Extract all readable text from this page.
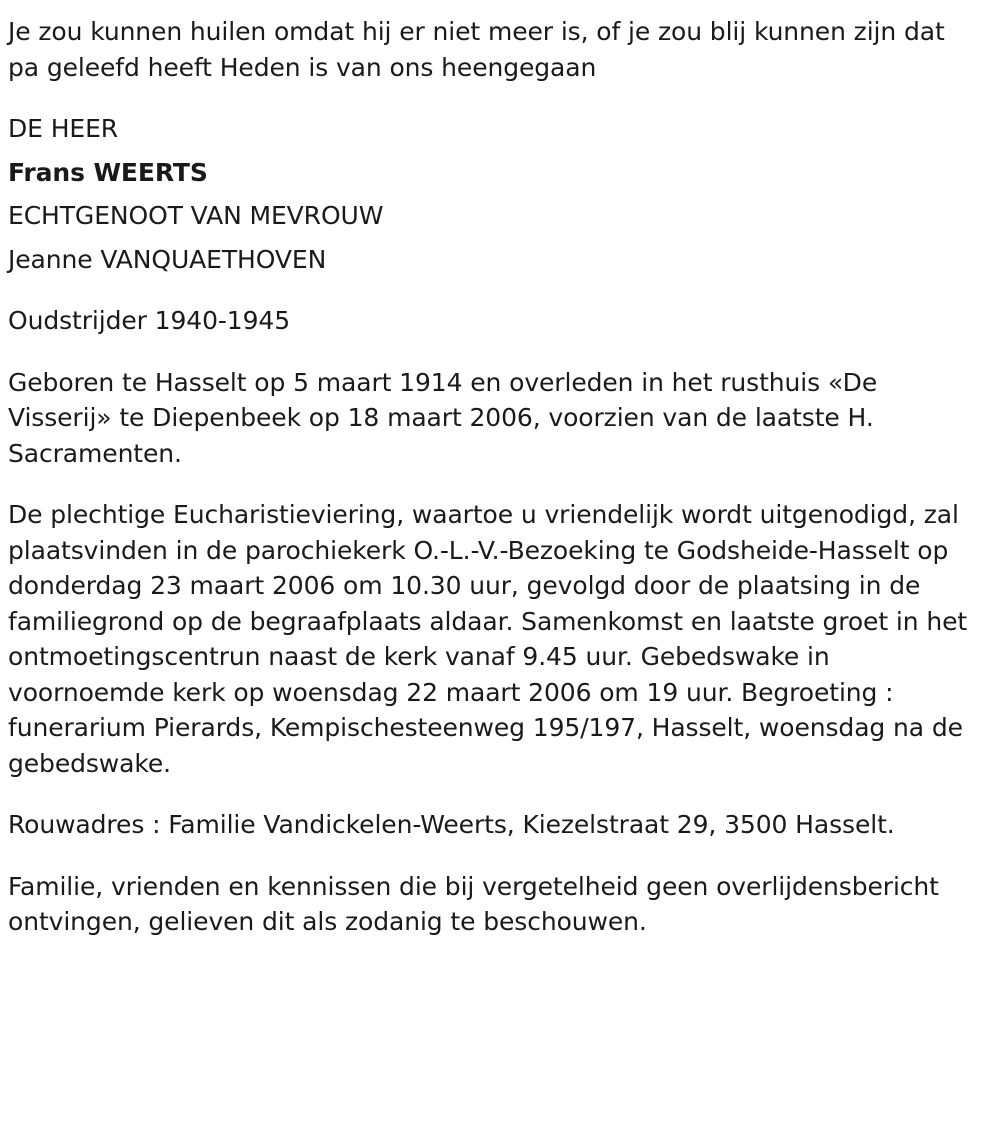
Je zou kunnen huilen omdat hij er niet meer is, of je zou blij kunnen zijn dat pa geleefd heeft Heden is van ons heengegaan

DE HEER

Frans WEERTS

ECHTGENOOT VAN MEVROUW

Jeanne VANQUAETHOVEN

Oudstrijder 1940-1945

Geboren te Hasselt op 5 maart 1914 en overleden in het rusthuis «De Visserij» te Diepenbeek op 18 maart 2006, voorzien van de laatste H. Sacramenten.

De plechtige Eucharistieviering, waartoe u vriendelijk wordt uitgenodigd, zal plaatsvinden in de parochiekerk O.-L.-V.-Bezoeking te Godsheide-Hasselt op donderdag 23 maart 2006 om 10.30 uur, gevolgd door de plaatsing in de familiegrond op de begraafplaats aldaar. Samenkomst en laatste groet in het ontmoetingscentrun naast de kerk vanaf 9.45 uur. Gebedswake in voornoemde kerk op woensdag 22 maart 2006 om 19 uur. Begroeting : funerarium Pierards, Kempischesteenweg 195/197, Hasselt, woensdag na de gebedswake.

Rouwadres : Familie Vandickelen-Weerts, Kiezelstraat 29, 3500 Hasselt.

Familie, vrienden en kennissen die bij vergetelheid geen overlijdensbericht ontvingen, gelieven dit als zodanig te beschouwen.
